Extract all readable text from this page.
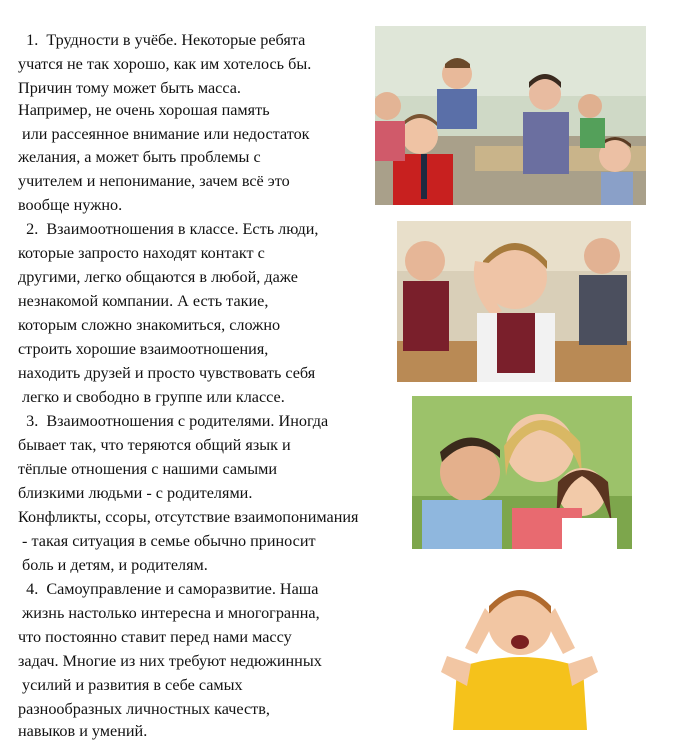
1.  Трудности в учёбе. Некоторые ребята
учатся не так хорошо, как им хотелось бы.
Причин тому может быть масса.
Например, не очень хорошая память
или рассеянное внимание или недостаток
желания, а может быть проблемы с
учителем и непонимание, зачем всё это
вообще нужно.
2.  Взаимоотношения в классе. Есть люди,
которые запросто находят контакт с
другими, легко общаются в любой, даже
незнакомой компании. А есть такие,
которым сложно знакомиться, сложно
строить хорошие взаимоотношения,
находить друзей и просто чувствовать себя
легко и свободно в группе или классе.
3.  Взаимоотношения с родителями. Иногда
бывает так, что теряются общий язык и
тёплые отношения с нашими самыми
близкими людьми - с родителями.
Конфликты, ссоры, отсутствие взаимопонимания
- такая ситуация в семье обычно приносит
боль и детям, и родителям.
4.  Самоуправление и саморазвитие. Наша
жизнь настолько интересна и многогранна,
что постоянно ставит перед нами массу
задач. Многие из них требуют недюжинных
усилий и развития в себе самых
разнообразных личностных качеств,
навыков и умений.
